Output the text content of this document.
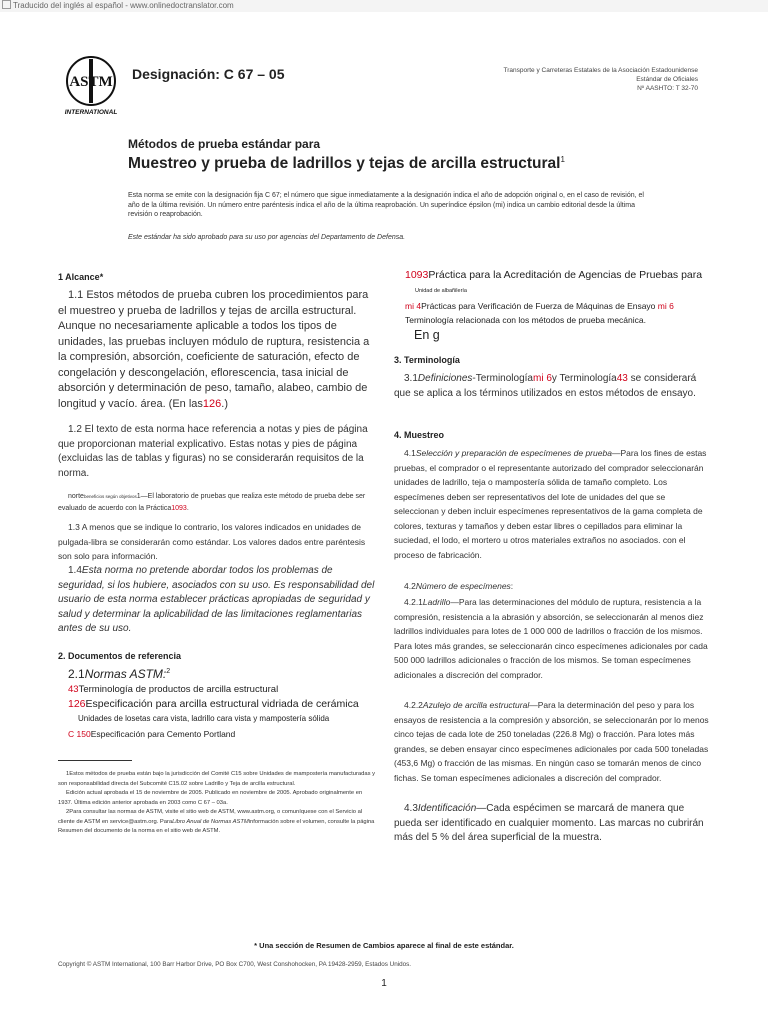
Traducido del inglés al español - www.onlinedoctranslator.com
ASTM
INTERNATIONAL
Designación: C 67 – 05	Transporte y Carreteras Estatales de la Asociación Estadounidense
Estándar de Oficiales
Nº AASHTO: T 32-70
Métodos de prueba estándar para
Muestreo y prueba de ladrillos y tejas de arcilla estructural$^1$
Esta norma se emite con la designación fija C 67; el número que sigue inmediatamente a la designación indica el año de adopción original o, en el caso de revisión, el año de la última revisión. Un número entre paréntesis indica el año de la última reaprobación. Un superíndice épsilon (mi) indica un cambio editorial desde la última revisión o reaprobación.
Este estándar ha sido aprobado para su uso por agencias del Departamento de Defensa.
1 Alcance*
1.1 Estos métodos de prueba cubren los procedimientos para el muestreo y prueba de ladrillos y tejas de arcilla estructural. Aunque no necesariamente aplicable a todos los tipos de unidades, las pruebas incluyen módulo de ruptura, resistencia a la compresión, absorción, coeficiente de saturación, efecto de congelación y descongelación, eflorescencia, tasa inicial de absorción y determinación de peso, tamaño, alabeo, cambio de longitud y vacío. área. (En las126.)
1.2 El texto de esta norma hace referencia a notas y pies de página que proporcionan material explicativo. Estas notas y pies de página (excluidas las de tablas y figuras) no se considerarán requisitos de la norma.
nortebeneficios según objetivos1—El laboratorio de pruebas que realiza este método de prueba debe ser evaluado de acuerdo con la Práctica1093.
1.3 A menos que se indique lo contrario, los valores indicados en unidades de pulgada-libra se considerarán como estándar. Los valores dados entre paréntesis son solo para información.
1.4Esta norma no pretende abordar todos los problemas de seguridad, si los hubiere, asociados con su uso. Es responsabilidad del usuario de esta norma establecer prácticas apropiadas de seguridad y salud y determinar la aplicabilidad de las limitaciones reglamentarias antes de su uso.
2. Documentos de referencia
2.1Normas ASTM:$^2$
43Terminología de productos de arcilla estructural
126Especificación para arcilla estructural vidriada de cerámica
Unidades de losetas cara vista, ladrillo cara vista y mampostería sólida
C 150Especificación para Cemento Portland
1Estos métodos de prueba están bajo la jurisdicción del Comité C15 sobre Unidades de mampostería manufacturadas y son responsabilidad directa del Subcomité C15.02 sobre Ladrillo y Teja de arcilla estructural.
Edición actual aprobada el 15 de noviembre de 2005. Publicado en noviembre de 2005. Aprobado originalmente en 1937. Última edición anterior aprobada en 2003 como C 67 – 03a.
2Para consultar las normas de ASTM, visite el sitio web de ASTM, www.astm.org, o comuníquese con el Servicio al cliente de ASTM en service@astm.org. ParaLibro Anual de Normas ASTMinformación sobre el volumen, consulte la página Resumen del documento de la norma en el sitio web de ASTM.
1093Práctica para la Acreditación de Agencias de Pruebas para
Unidad de albañilería
mi 4Prácticas para Verificación de Fuerza de Máquinas de Ensayo mi 6
Terminología relacionada con los métodos de prueba mecánica.
En g
3. Terminología
3.1Definiciones-Terminologíami 6y Terminología43 se considerará que se aplica a los términos utilizados en estos métodos de ensayo.
4. Muestreo
4.1Selección y preparación de especímenes de prueba—Para los fines de estas pruebas, el comprador o el representante autorizado del comprador seleccionarán unidades de ladrillo, teja o mampostería sólida de tamaño completo. Los especímenes deben ser representativos del lote de unidades del que se seleccionan y deben incluir especímenes representativos de la gama completa de colores, texturas y tamaños y deben estar libres o cepillados para eliminar la suciedad, el lodo, el mortero u otros materiales extraños no asociados. con el proceso de fabricación.
4.2Número de especímenes:
4.2.1Ladrillo—Para las determinaciones del módulo de ruptura, resistencia a la compresión, resistencia a la abrasión y absorción, se seleccionarán al menos diez ladrillos individuales para lotes de 1 000 000 de ladrillos o fracción de los mismos. Para lotes más grandes, se seleccionarán cinco especímenes adicionales por cada 500 000 ladrillos adicionales o fracción de los mismos. Se toman especímenes adicionales a discreción del comprador.
4.2.2Azulejo de arcilla estructural—Para la determinación del peso y para los ensayos de resistencia a la compresión y absorción, se seleccionarán por lo menos cinco tejas de cada lote de 250 toneladas (226.8 Mg) o fracción. Para lotes más grandes, se deben ensayar cinco especímenes adicionales por cada 500 toneladas (453,6 Mg) o fracción de las mismas. En ningún caso se tomarán menos de cinco fichas. Se toman especímenes adicionales a discreción del comprador.
4.3Identificación—Cada espécimen se marcará de manera que pueda ser identificado en cualquier momento. Las marcas no cubrirán más del 5 % del área superficial de la muestra.
* Una sección de Resumen de Cambios aparece al final de este estándar.
Copyright © ASTM International, 100 Barr Harbor Drive, PO Box C700, West Conshohocken, PA 19428-2959, Estados Unidos.
1
